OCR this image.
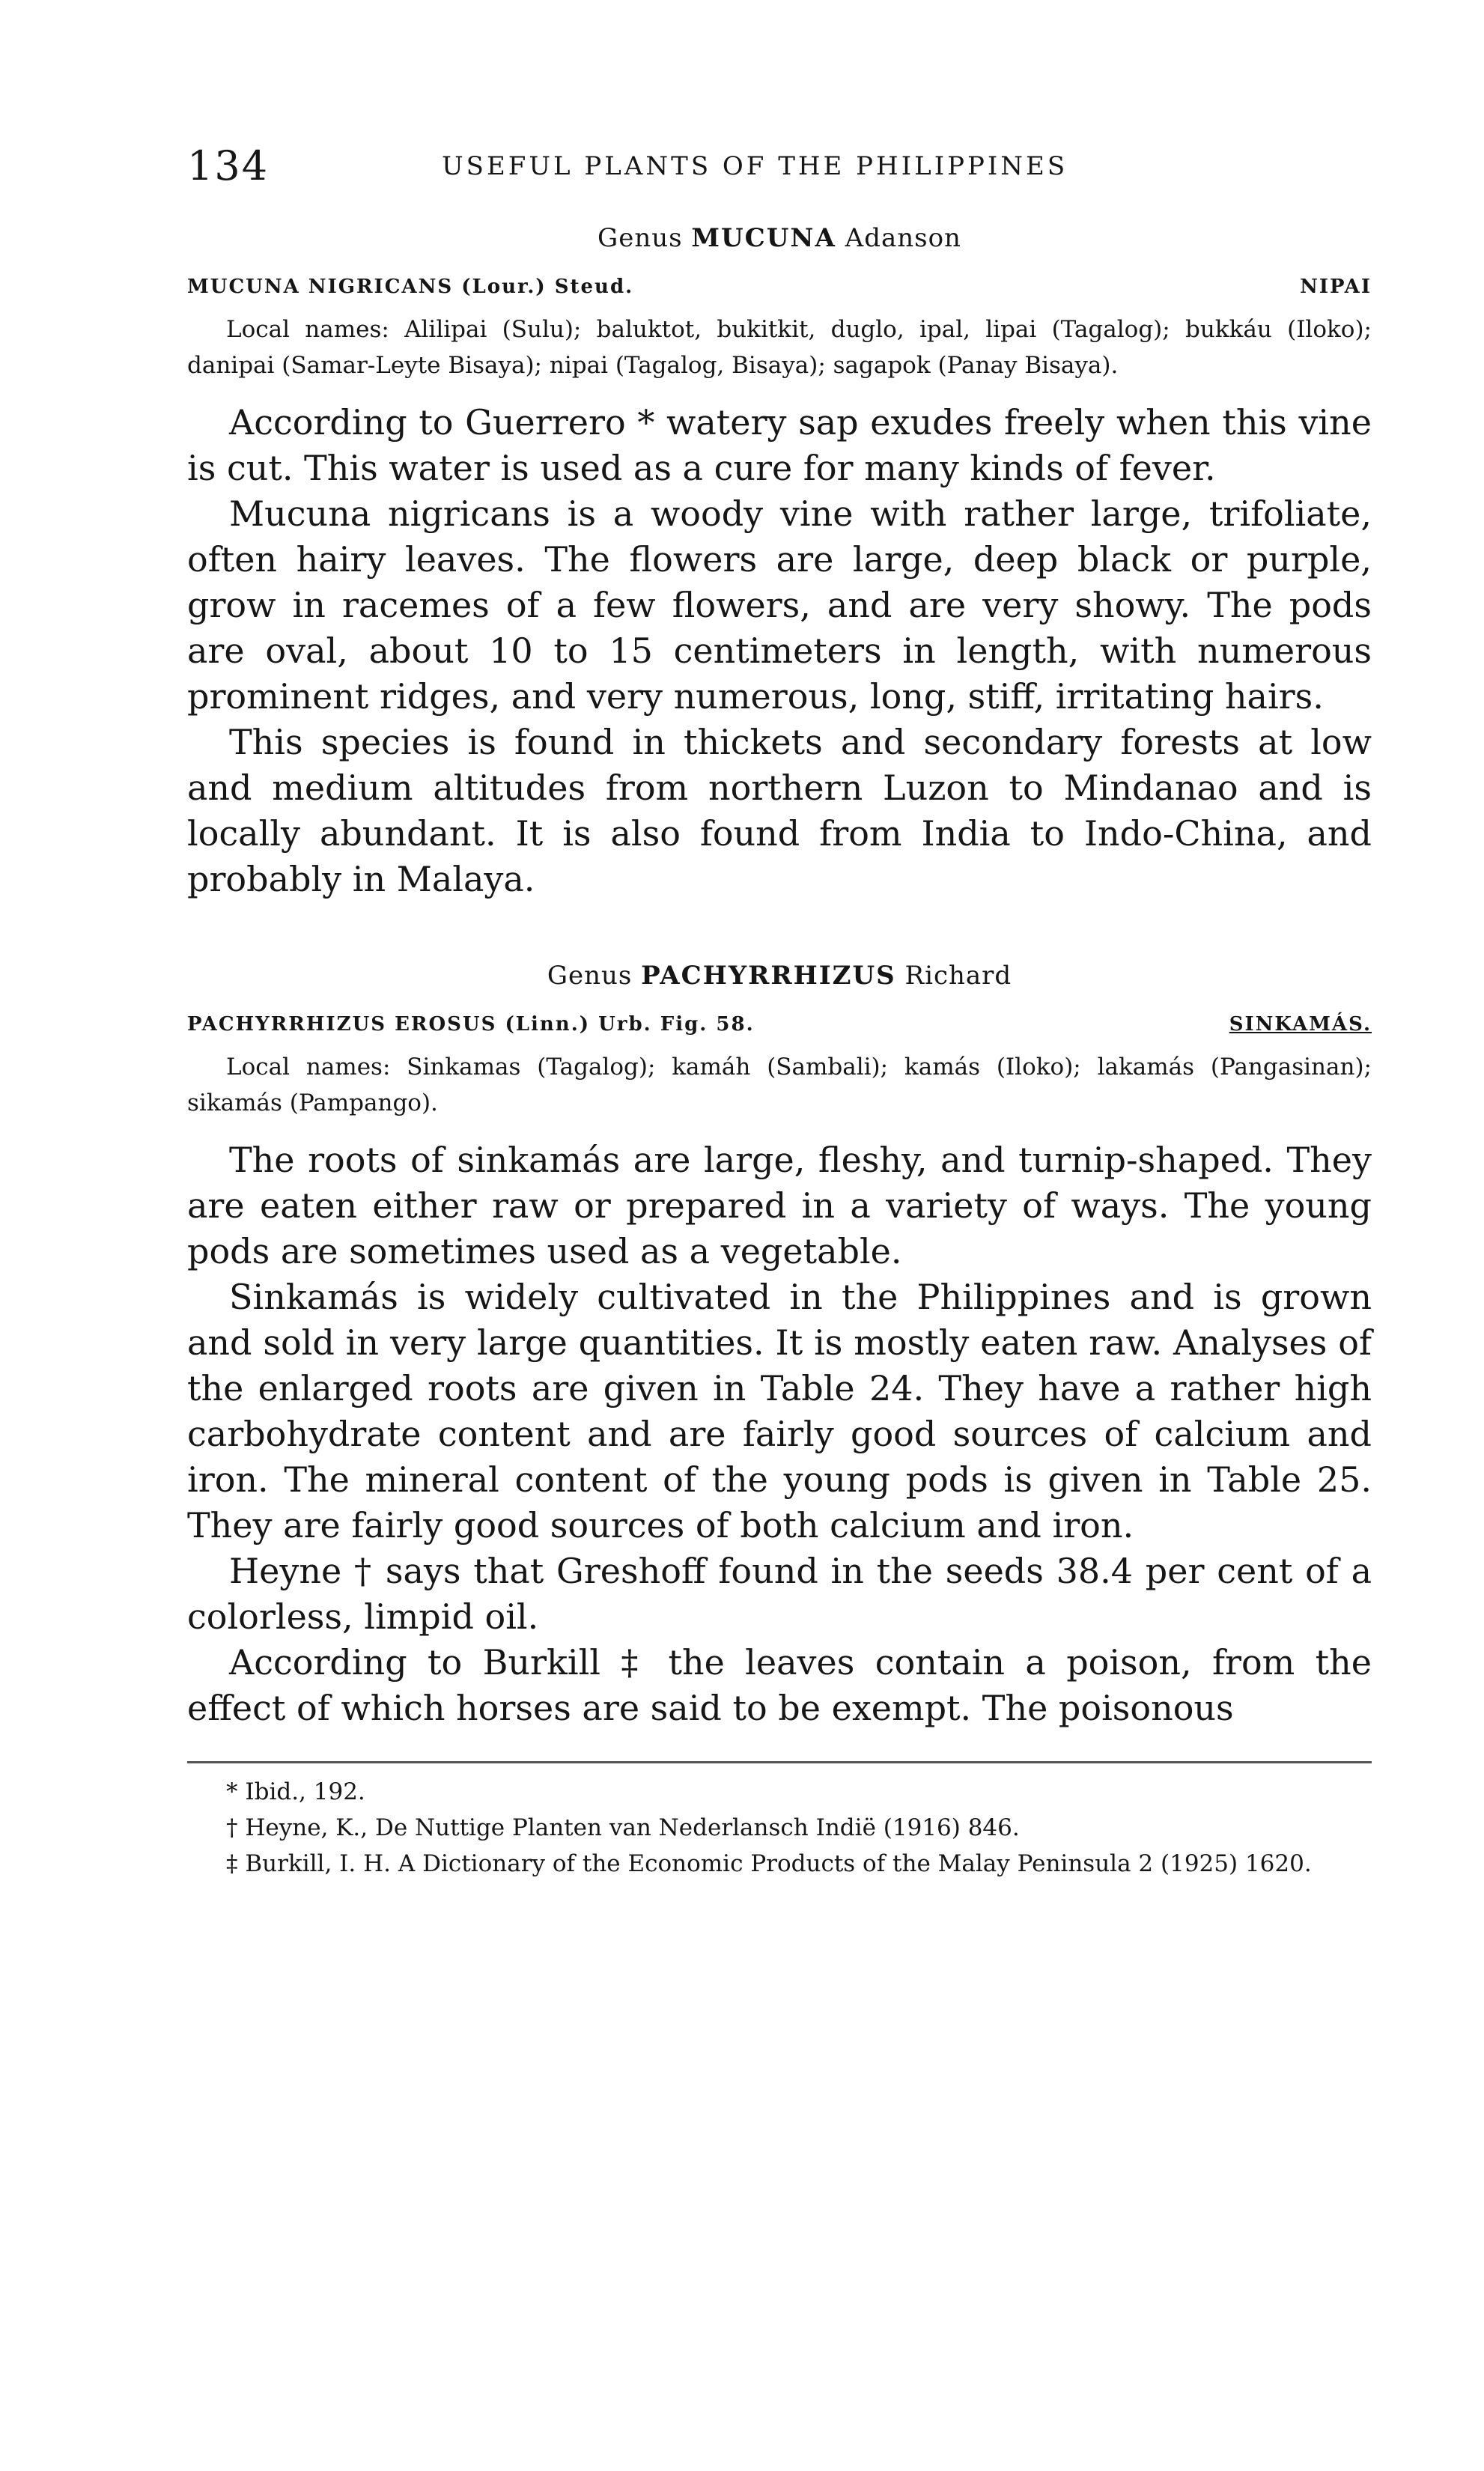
134	USEFUL PLANTS OF THE PHILIPPINES
Genus MUCUNA Adanson
MUCUNA NIGRICANS (Lour.) Steud.	NIPAI

Local names: Alilipai (Sulu); baluktot, bukitkit, duglo, ipal, lipai (Tagalog); bukkáu (Iloko); danipai (Samar-Leyte Bisaya); nipai (Tagalog, Bisaya); sagapok (Panay Bisaya).

According to Guerrero * watery sap exudes freely when this vine is cut. This water is used as a cure for many kinds of fever.

Mucuna nigricans is a woody vine with rather large, trifoliate, often hairy leaves. The flowers are large, deep black or purple, grow in racemes of a few flowers, and are very showy. The pods are oval, about 10 to 15 centimeters in length, with numerous prominent ridges, and very numerous, long, stiff, irritating hairs.

This species is found in thickets and secondary forests at low and medium altitudes from northern Luzon to Mindanao and is locally abundant. It is also found from India to Indo-China, and probably in Malaya.

Genus PACHYRRHIZUS Richard
PACHYRRHIZUS EROSUS (Linn.) Urb. Fig. 58.	SINKAMÁS.

Local names: Sinkamas (Tagalog); kamáh (Sambali); kamás (Iloko); lakamás (Pangasinan); sikamás (Pampango).

The roots of sinkamás are large, fleshy, and turnip-shaped. They are eaten either raw or prepared in a variety of ways. The young pods are sometimes used as a vegetable.

Sinkamás is widely cultivated in the Philippines and is grown and sold in very large quantities. It is mostly eaten raw. Analyses of the enlarged roots are given in Table 24. They have a rather high carbohydrate content and are fairly good sources of calcium and iron. The mineral content of the young pods is given in Table 25. They are fairly good sources of both calcium and iron.

Heyne † says that Greshoff found in the seeds 38.4 per cent of a colorless, limpid oil.

According to Burkill ‡ the leaves contain a poison, from the effect of which horses are said to be exempt. The poisonous

* Ibid., 192.

† Heyne, K., De Nuttige Planten van Nederlansch Indië (1916) 846.

‡ Burkill, I. H. A Dictionary of the Economic Products of the Malay Peninsula 2 (1925) 1620.
